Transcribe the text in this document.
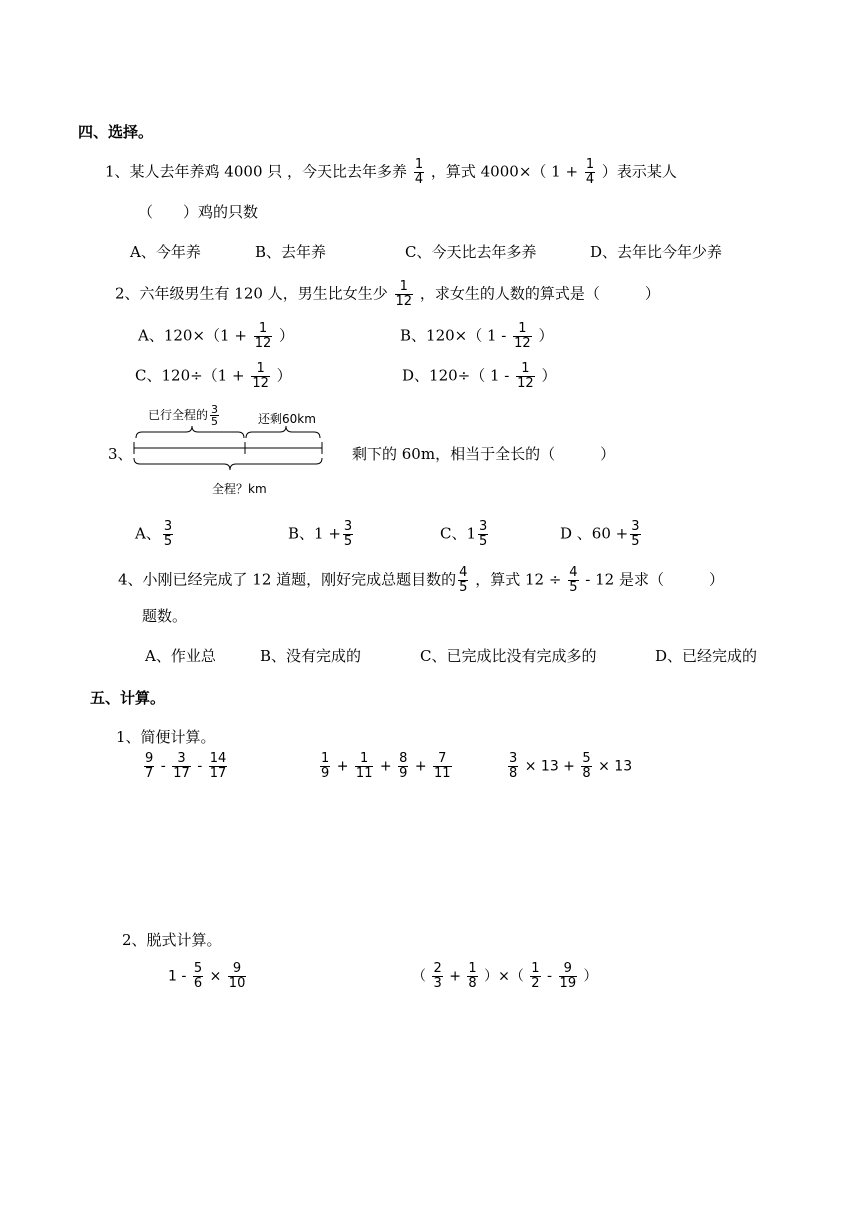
四、选择。
1、某人去年养鸡 4000 只 ，今天比去年多养 $\frac{1}{4}$ ，算式 4000×（ $1 + \frac{1}{4}$ ）表示某人
（　　）鸡的只数
A、今年养	B、去年养	C、今天比去年多养	D、去年比今年少养
2、六年级男生有 120 人，男生比女生少 $\frac{1}{12}$ ，求女生的人数的算式是（　　　）
A、$120\times(1 + \frac{1}{12}$ ）	B、120×（ $1 - \frac{1}{12}$ ）
C、$120\div(1 + \frac{1}{12}$ ）	D、120÷（ $1 - \frac{1}{12}$ ）
3、
已行全程的 $\frac{3}{5}$	还剩60km
全程？km
剩下的 60m，相当于全长的（　　　）
A、 $\frac{3}{5}$	B、$1 + \frac{3}{5}$	C、$1 \frac{3}{5}$	D 、$60 + \frac{3}{5}$
4、小刚已经完成了 12 道题，刚好完成总题目数的 $\frac{4}{5}$ ，算式 $12 \div \frac{4}{5} - 12$ 是求（　　　）
题数。
A、作业总	B、没有完成的	C、已完成比没有完成多的	D、已经完成的
五、计算。
1、简便计算。
$\frac{9}{7} - \frac{3}{17} - \frac{14}{17}$	$\frac{1}{9} + \frac{1}{11} + \frac{8}{9} + \frac{7}{11}$	$\frac{3}{8} \times 13 + \frac{5}{8} \times 13$
2、脱式计算。
$1 - \frac{5}{6} \times \frac{9}{10}$	（ $\frac{2}{3} + \frac{1}{8}$ ）×（ $\frac{1}{2} - \frac{9}{19}$ ）
